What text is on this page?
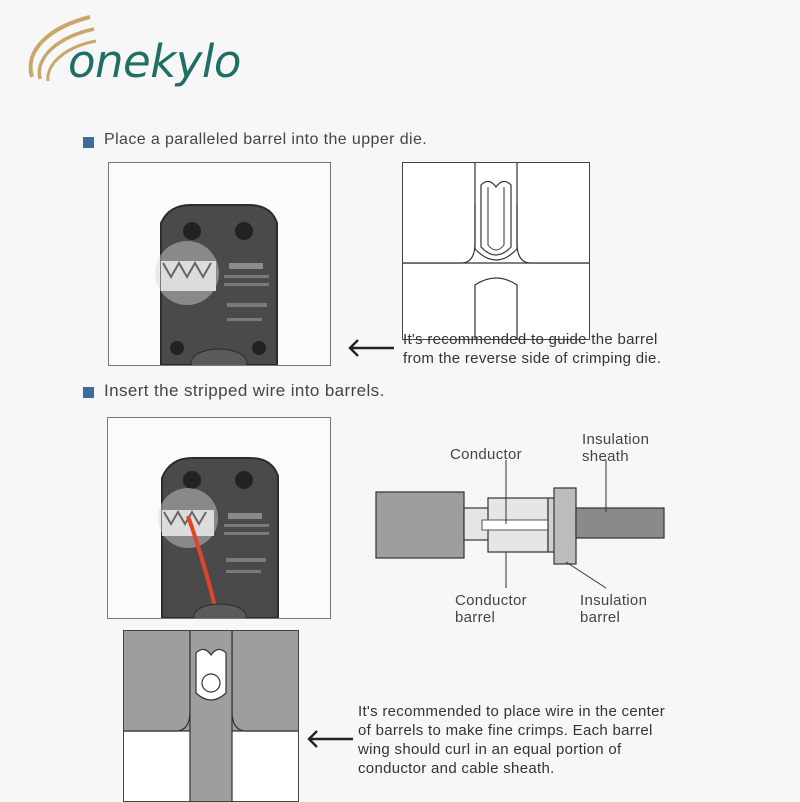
onekylo
Place a paralleled barrel into the upper die.
It's recommended to guide the barrel
from the reverse side of crimping die.
Insert the stripped wire into barrels.
Conductor
Insulation
sheath
Conductor
barrel
Insulation
barrel
It's recommended to place wire in the center
of barrels to make fine crimps. Each barrel
wing should curl in an equal portion of
conductor and cable sheath.
